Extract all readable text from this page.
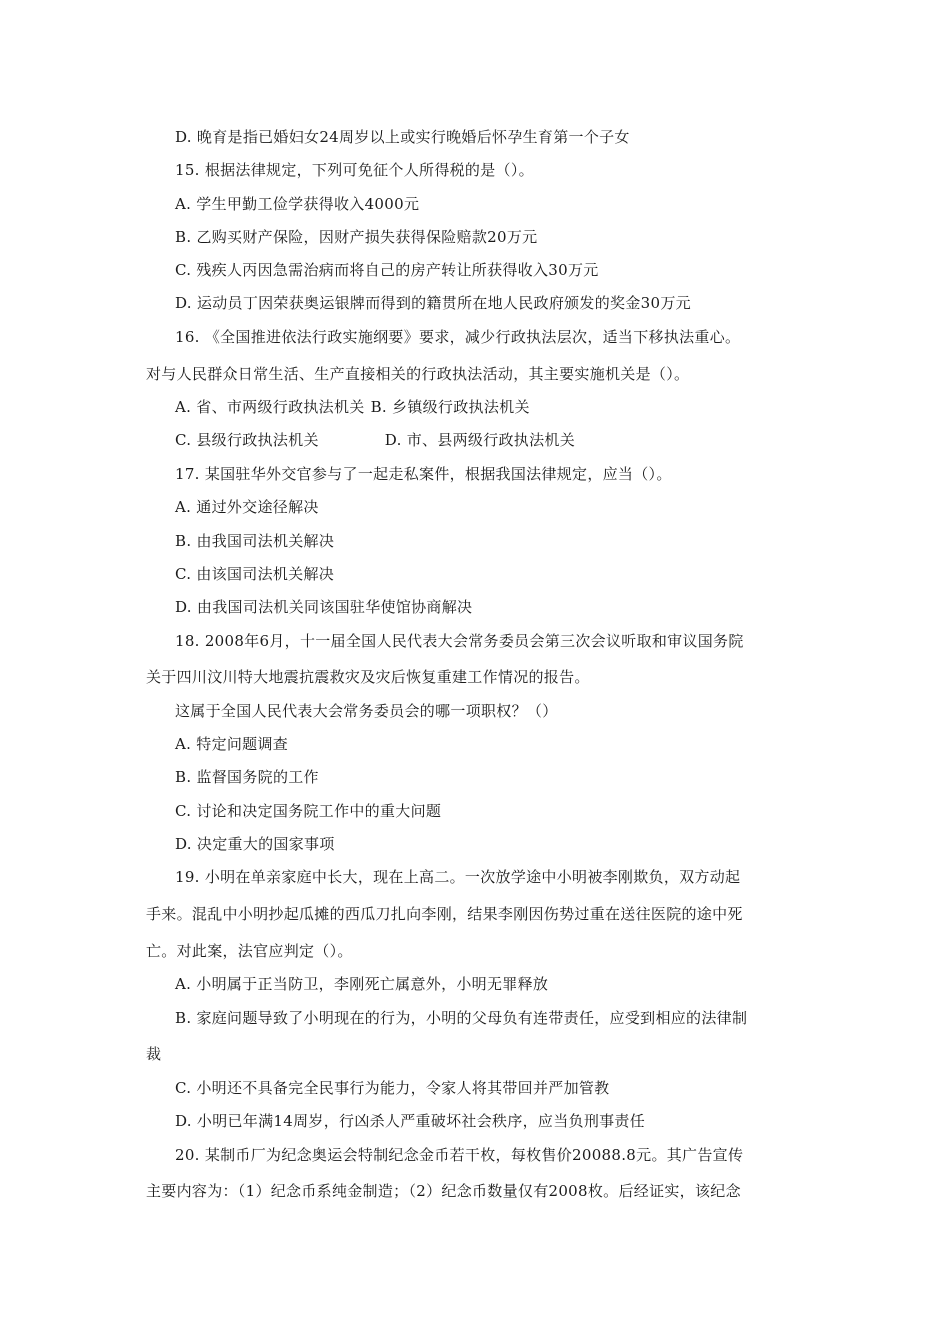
D. 晚育是指已婚妇女24周岁以上或实行晚婚后怀孕生育第一个子女
15. 根据法律规定，下列可免征个人所得税的是（）。
A. 学生甲勤工俭学获得收入4000元
B. 乙购买财产保险，因财产损失获得保险赔款20万元
C. 残疾人丙因急需治病而将自己的房产转让所获得收入30万元
D. 运动员丁因荣获奥运银牌而得到的籍贯所在地人民政府颁发的奖金30万元
16. 《全国推进依法行政实施纲要》要求，减少行政执法层次，适当下移执法重心。
对与人民群众日常生活、生产直接相关的行政执法活动，其主要实施机关是（）。
A. 省、市两级行政执法机关 B. 乡镇级行政执法机关
C. 县级行政执法机关	D. 市、县两级行政执法机关
17. 某国驻华外交官参与了一起走私案件，根据我国法律规定，应当（）。
A. 通过外交途径解决
B. 由我国司法机关解决
C. 由该国司法机关解决
D. 由我国司法机关同该国驻华使馆协商解决
18. 2008年6月，十一届全国人民代表大会常务委员会第三次会议听取和审议国务院
关于四川汶川特大地震抗震救灾及灾后恢复重建工作情况的报告。
这属于全国人民代表大会常务委员会的哪一项职权？（）
A. 特定问题调查
B. 监督国务院的工作
C. 讨论和决定国务院工作中的重大问题
D. 决定重大的国家事项
19. 小明在单亲家庭中长大，现在上高二。一次放学途中小明被李刚欺负，双方动起
手来。混乱中小明抄起瓜摊的西瓜刀扎向李刚，结果李刚因伤势过重在送往医院的途中死
亡。对此案，法官应判定（）。
A. 小明属于正当防卫，李刚死亡属意外，小明无罪释放
B. 家庭问题导致了小明现在的行为，小明的父母负有连带责任，应受到相应的法律制
裁
C. 小明还不具备完全民事行为能力，令家人将其带回并严加管教
D. 小明已年满14周岁，行凶杀人严重破坏社会秩序，应当负刑事责任
20. 某制币厂为纪念奥运会特制纪念金币若干枚，每枚售价20088.8元。其广告宣传
主要内容为：（1）纪念币系纯金制造；（2）纪念币数量仅有2008枚。后经证实，该纪念
